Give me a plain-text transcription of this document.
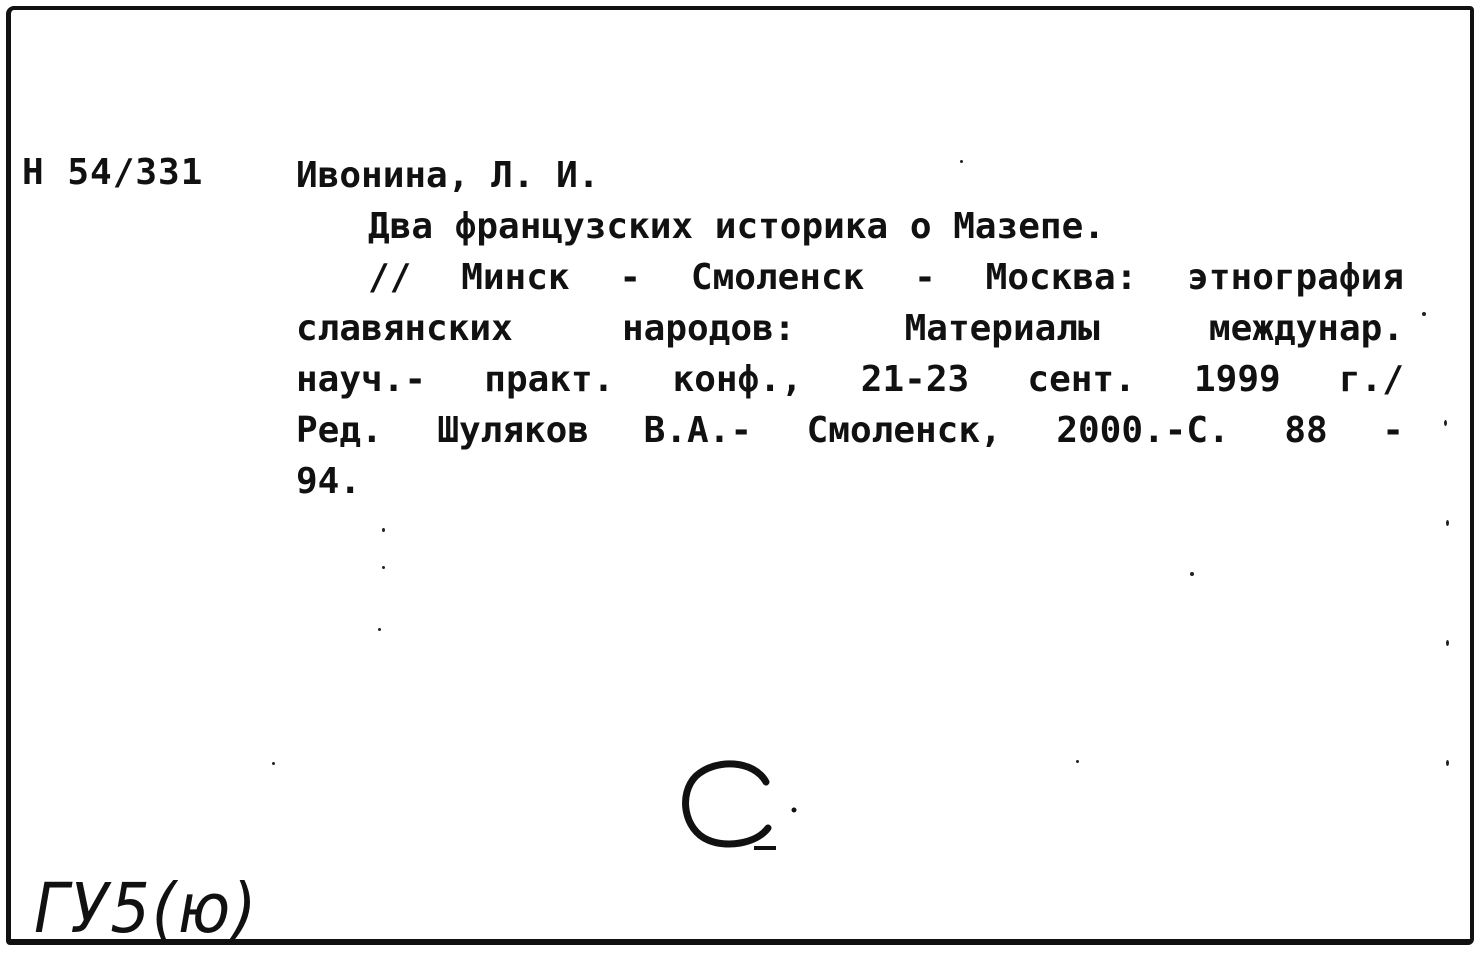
Н 54/331	Ивонина, Л. И.
Два французских историка о Мазепе.
// Минск - Смоленск - Москва: этнография
славянских	народов:	Материалы	междунар.
науч.- практ. конф., 21-23 сент. 1999 г./
Ред. Шуляков В.А.- Смоленск, 2000.-С. 88 -
94.
ГУ5(ю)
